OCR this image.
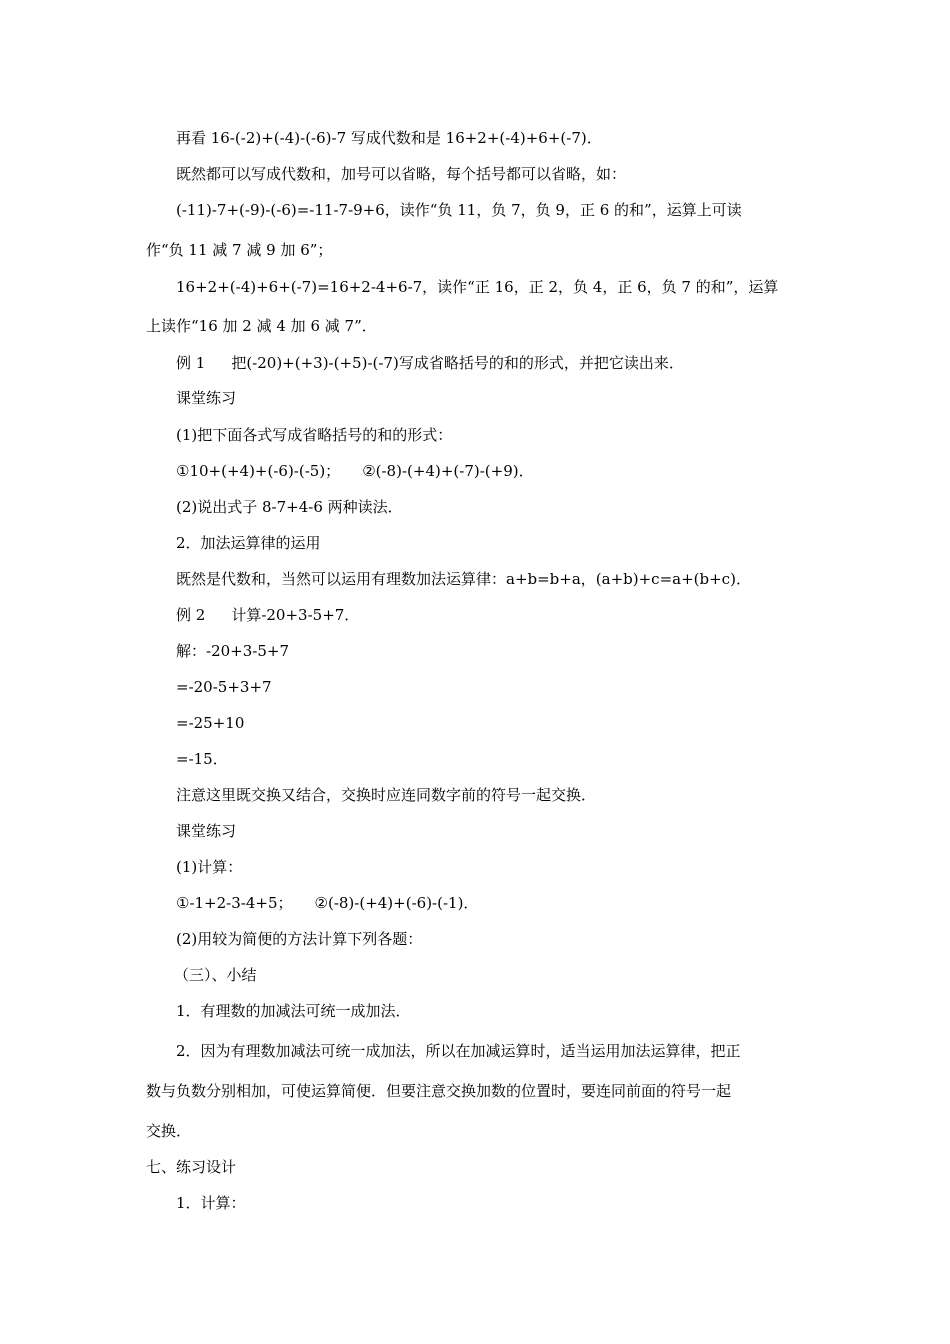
再看 16-(-2)+(-4)-(-6)-7 写成代数和是 16+2+(-4)+6+(-7)．
既然都可以写成代数和，加号可以省略，每个括号都可以省略，如：
(-11)-7+(-9)-(-6)=-11-7-9+6，读作“负 11，负 7，负 9，正 6 的和”，运算上可读
作“负 11 减 7 减 9 加 6”；
16+2+(-4)+6+(-7)=16+2-4+6-7，读作“正 16，正 2，负 4，正 6，负 7 的和”，运算
上读作“16 加 2 减 4 加 6 减 7”．
例 1 把(-20)+(+3)-(+5)-(-7)写成省略括号的和的形式，并把它读出来．
课堂练习
(1)把下面各式写成省略括号的和的形式：
①10+(+4)+(-6)-(-5)； ②(-8)-(+4)+(-7)-(+9)．
(2)说出式子 8-7+4-6 两种读法．
2．加法运算律的运用
既然是代数和，当然可以运用有理数加法运算律：a+b=b+a，(a+b)+c=a+(b+c)．
例 2 计算-20+3-5+7．
解：-20+3-5+7
=-20-5+3+7
=-25+10
=-15．
注意这里既交换又结合，交换时应连同数字前的符号一起交换．
课堂练习
(1)计算：
①-1+2-3-4+5； ②(-8)-(+4)+(-6)-(-1)．
(2)用较为简便的方法计算下列各题：
（三）、小结
1．有理数的加减法可统一成加法．
2．因为有理数加减法可统一成加法，所以在加减运算时，适当运用加法运算律，把正
数与负数分别相加，可使运算简便．但要注意交换加数的位置时，要连同前面的符号一起
交换．
七、练习设计
1．计算：
